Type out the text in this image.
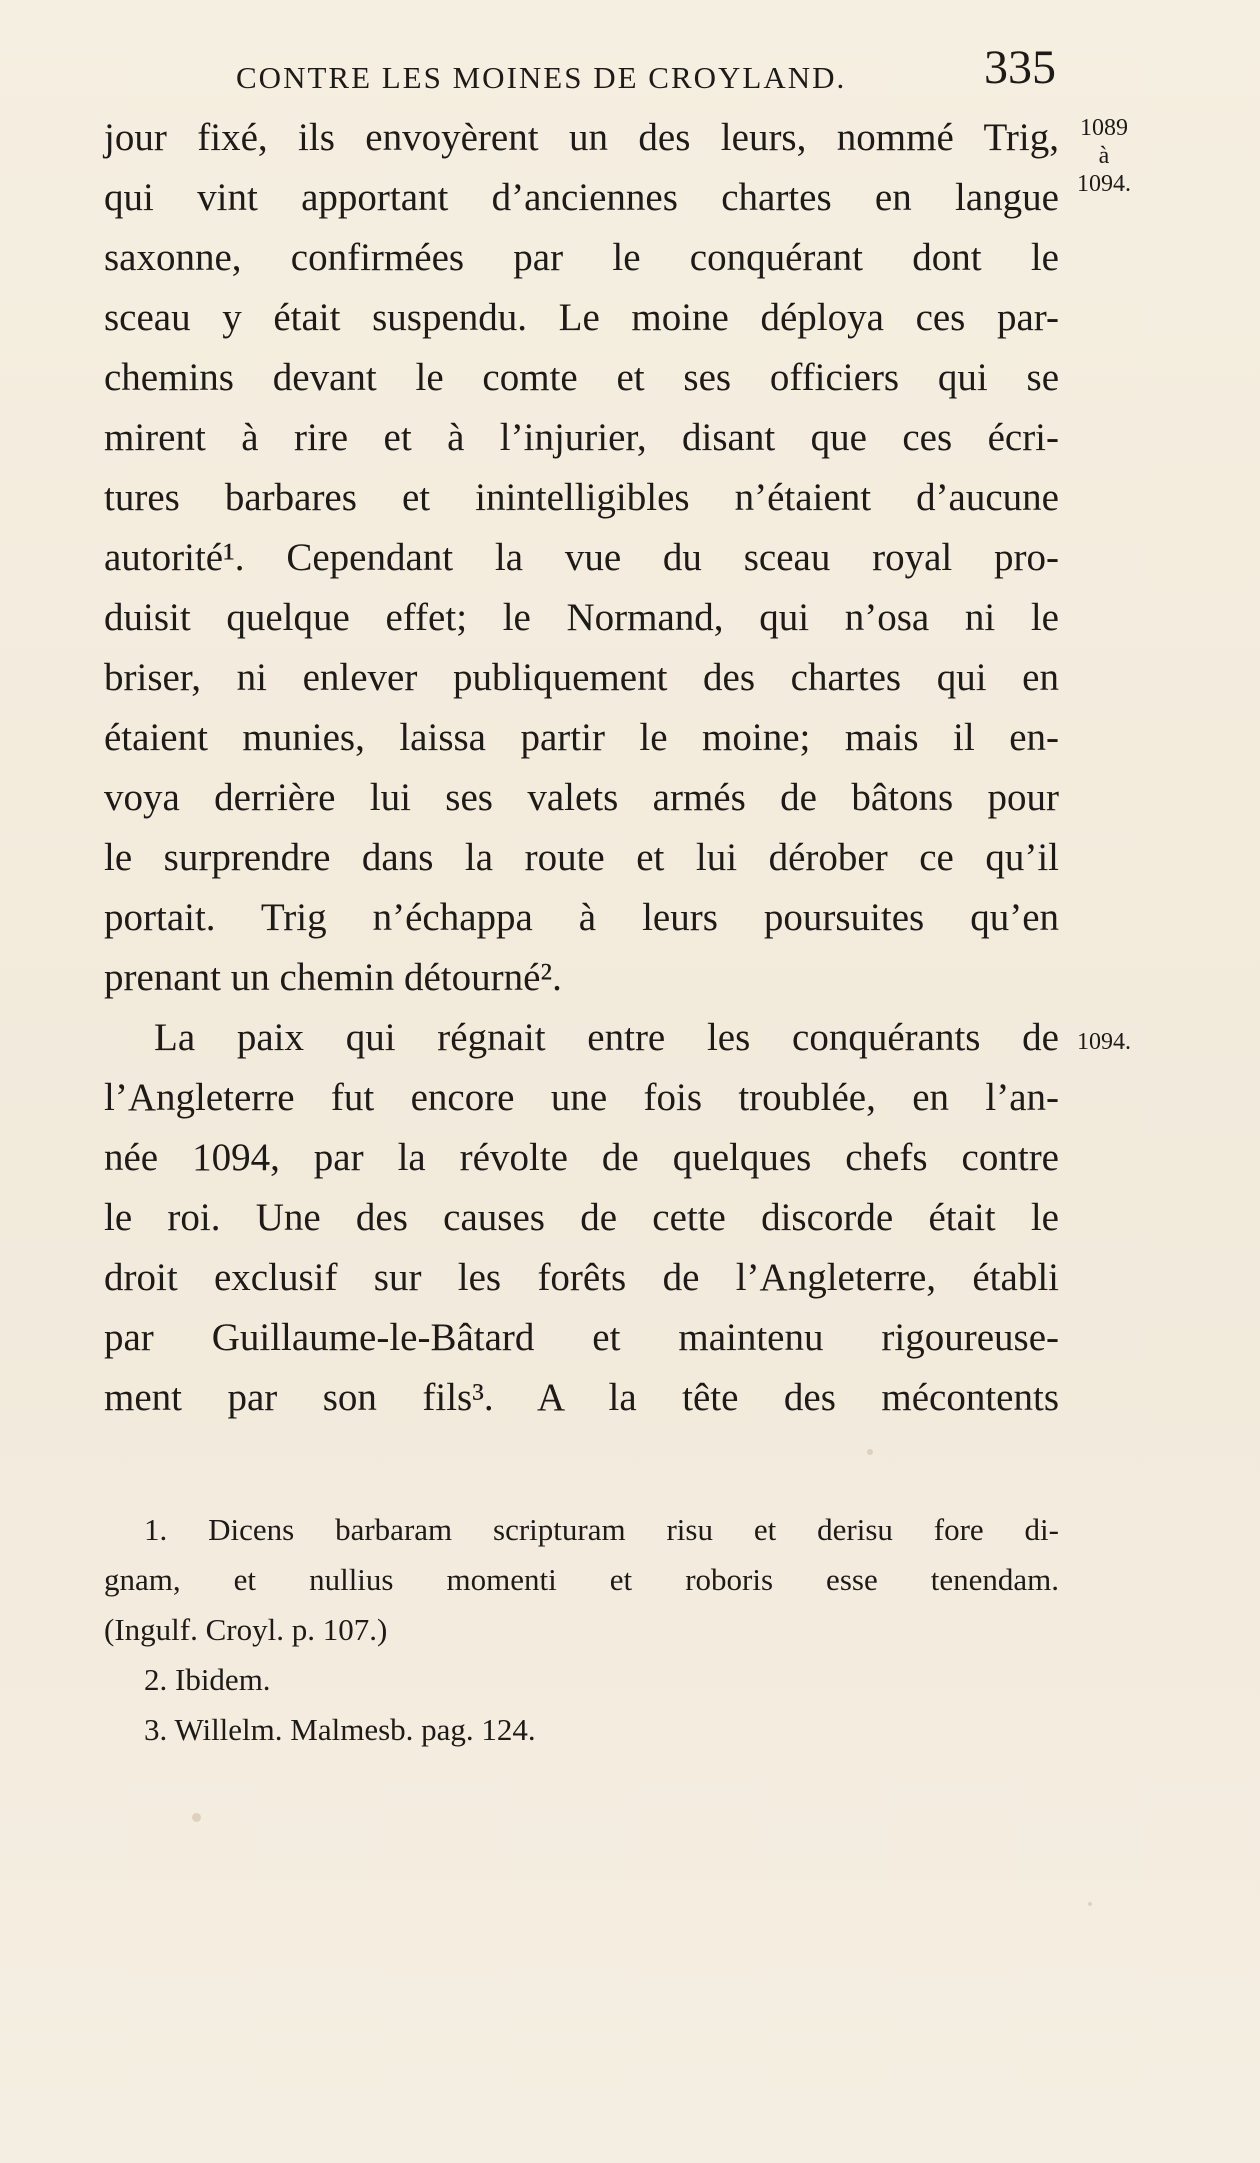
CONTRE LES MOINES DE CROYLAND.	335
1089
à
1094.
1094.
jour fixé, ils envoyèrent un des leurs, nommé Trig,
qui vint apportant d’anciennes chartes en langue
saxonne, confirmées par le conquérant dont le
sceau y était suspendu. Le moine déploya ces par-
chemins devant le comte et ses officiers qui se
mirent à rire et à l’injurier, disant que ces écri-
tures barbares et inintelligibles n’étaient d’aucune
autorité¹. Cependant la vue du sceau royal pro-
duisit quelque effet; le Normand, qui n’osa ni le
briser, ni enlever publiquement des chartes qui en
étaient munies, laissa partir le moine; mais il en-
voya derrière lui ses valets armés de bâtons pour
le surprendre dans la route et lui dérober ce qu’il
portait. Trig n’échappa à leurs poursuites qu’en
prenant un chemin détourné².
La paix qui régnait entre les conquérants de
l’Angleterre fut encore une fois troublée, en l’an-
née 1094, par la révolte de quelques chefs contre
le roi. Une des causes de cette discorde était le
droit exclusif sur les forêts de l’Angleterre, établi
par Guillaume-le-Bâtard et maintenu rigoureuse-
ment par son fils³. A la tête des mécontents
1. Dicens barbaram scripturam risu et derisu fore di-
gnam, et nullius momenti et roboris esse tenendam.
(Ingulf. Croyl. p. 107.)
2. Ibidem.
3. Willelm. Malmesb. pag. 124.
